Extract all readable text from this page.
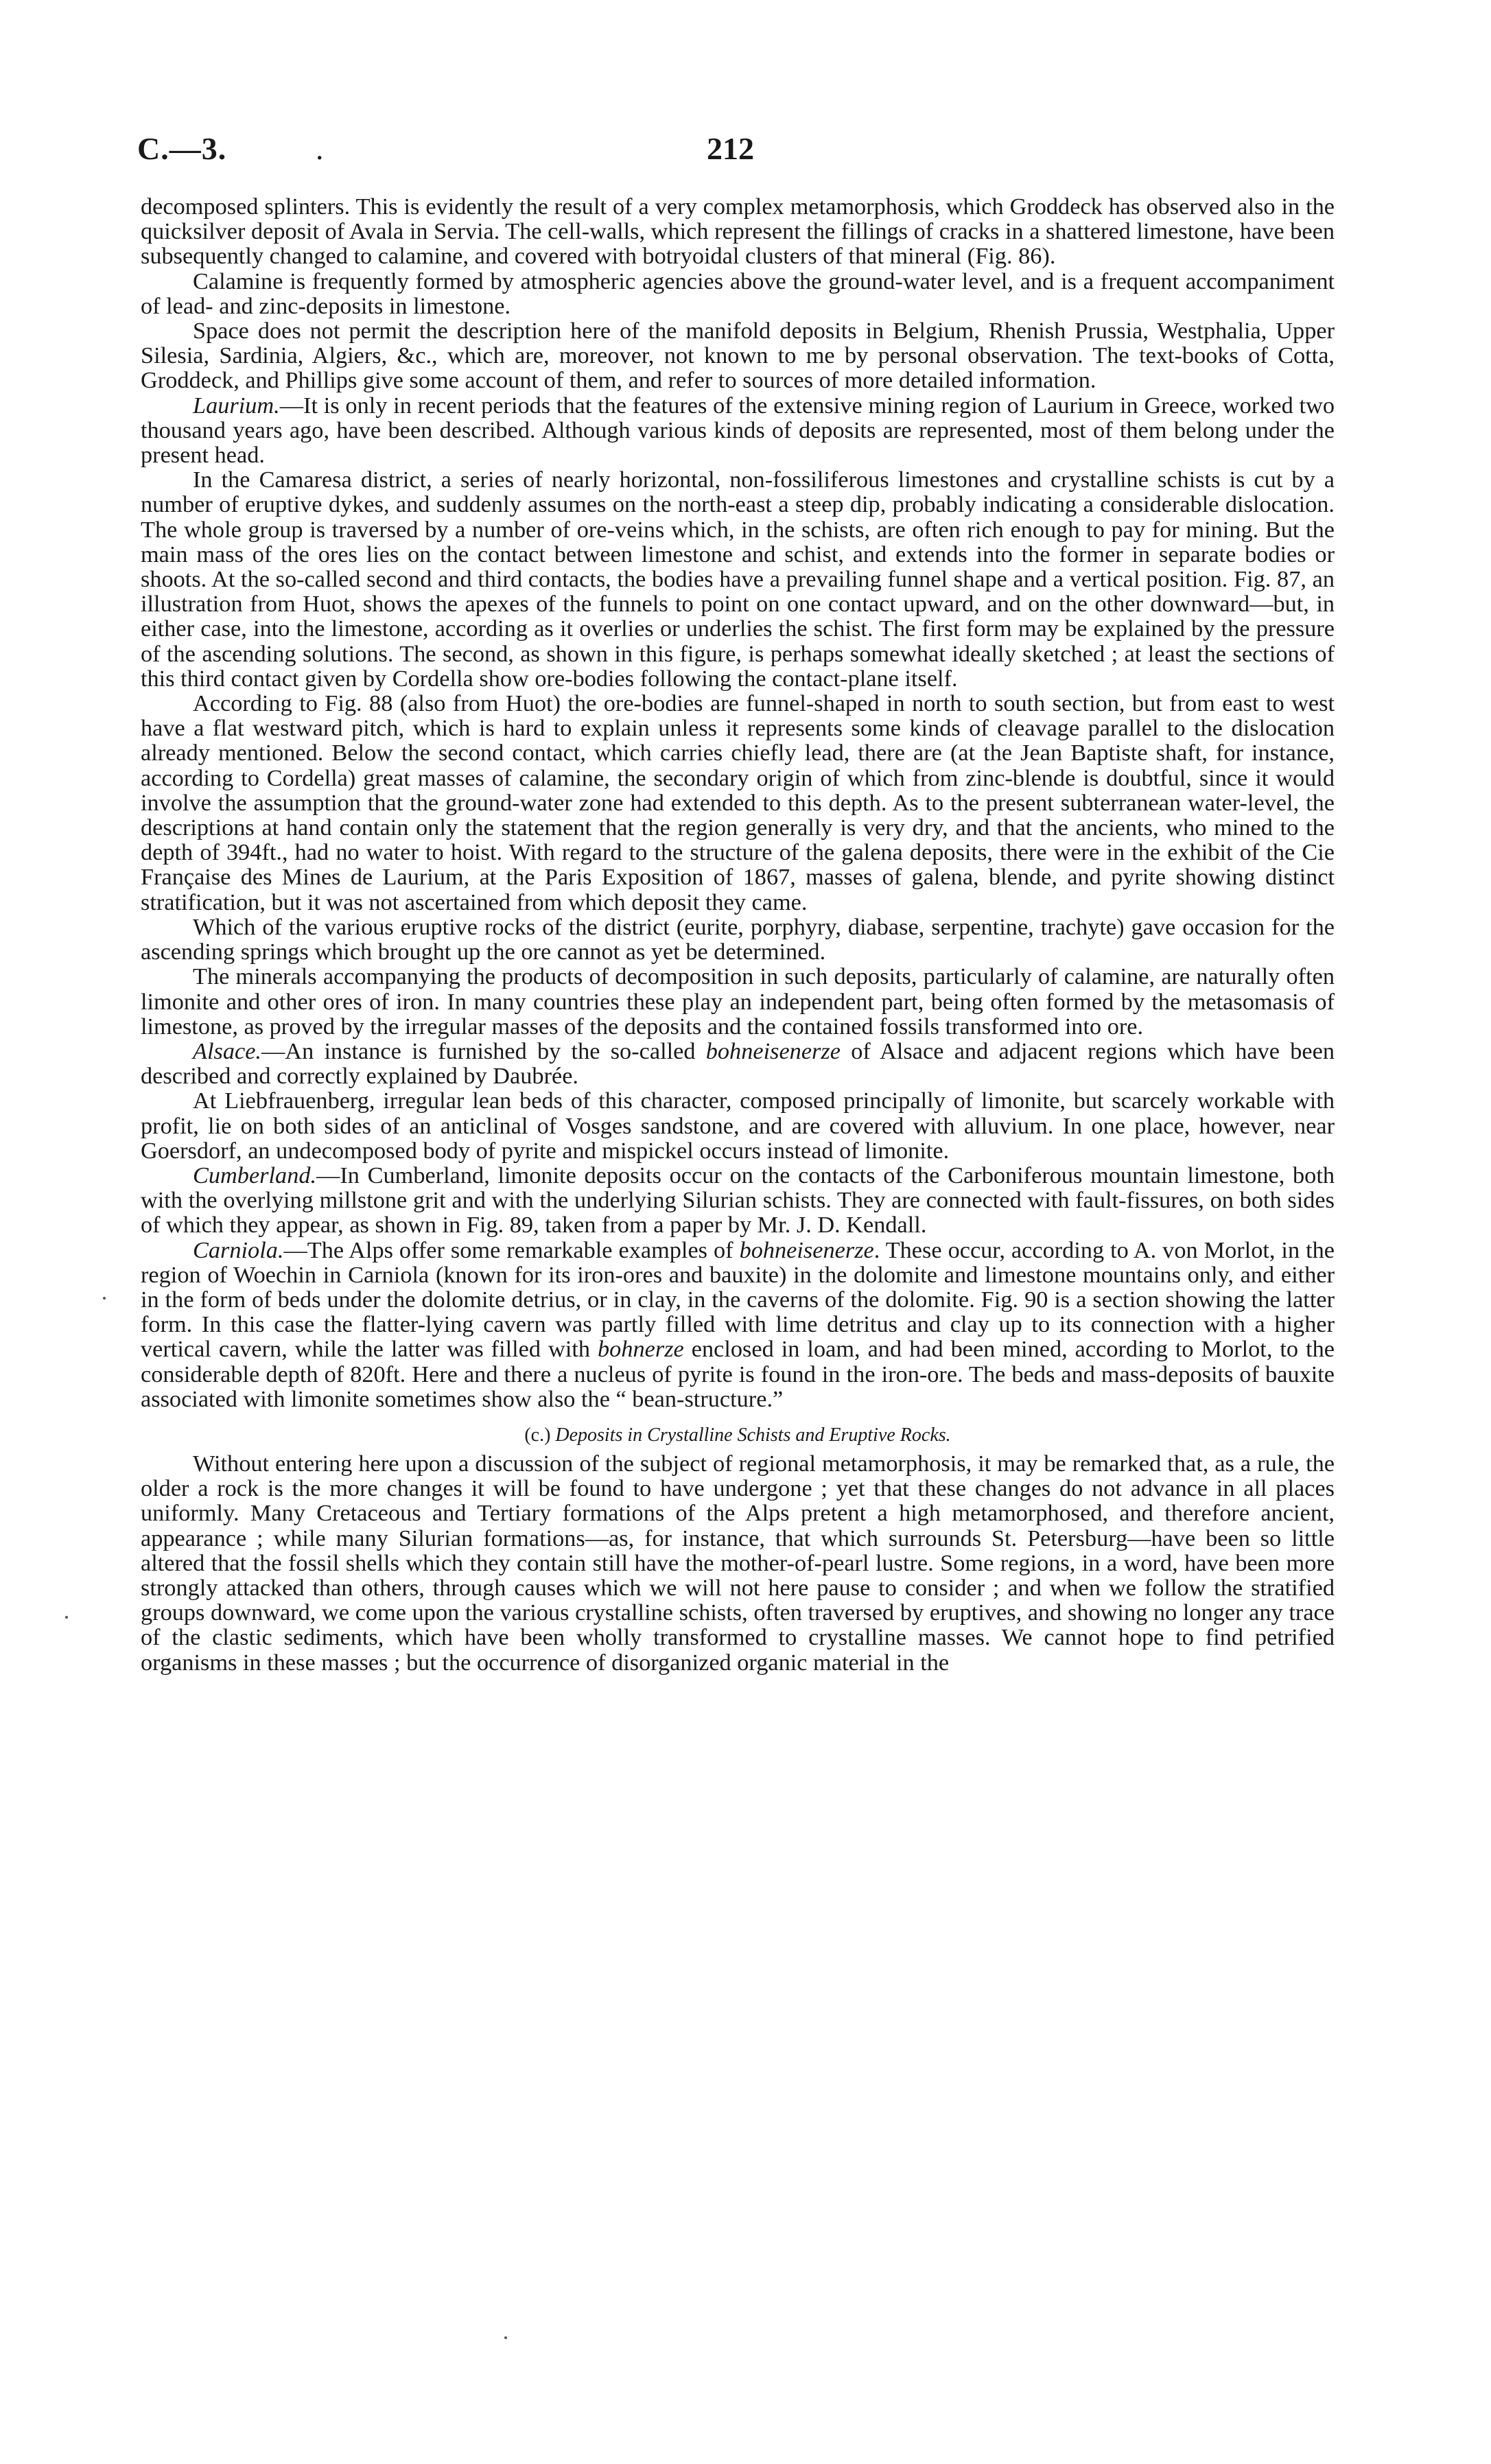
C.—3.	.	212

decomposed splinters. This is evidently the result of a very complex metamorphosis, which Groddeck has observed also in the quicksilver deposit of Avala in Servia. The cell-walls, which represent the fillings of cracks in a shattered limestone, have been subsequently changed to calamine, and covered with botryoidal clusters of that mineral (Fig. 86).

Calamine is frequently formed by atmospheric agencies above the ground-water level, and is a frequent accompaniment of lead- and zinc-deposits in limestone.

Space does not permit the description here of the manifold deposits in Belgium, Rhenish Prussia, Westphalia, Upper Silesia, Sardinia, Algiers, &c., which are, moreover, not known to me by personal observation. The text-books of Cotta, Groddeck, and Phillips give some account of them, and refer to sources of more detailed information.

Laurium.—It is only in recent periods that the features of the extensive mining region of Laurium in Greece, worked two thousand years ago, have been described. Although various kinds of deposits are represented, most of them belong under the present head.

In the Camaresa district, a series of nearly horizontal, non-fossiliferous limestones and crystalline schists is cut by a number of eruptive dykes, and suddenly assumes on the north-east a steep dip, probably indicating a considerable dislocation. The whole group is traversed by a number of ore-veins which, in the schists, are often rich enough to pay for mining. But the main mass of the ores lies on the contact between limestone and schist, and extends into the former in separate bodies or shoots. At the so-called second and third contacts, the bodies have a prevailing funnel shape and a vertical position. Fig. 87, an illustration from Huot, shows the apexes of the funnels to point on one contact upward, and on the other downward—but, in either case, into the limestone, according as it overlies or underlies the schist. The first form may be explained by the pressure of the ascending solutions. The second, as shown in this figure, is perhaps somewhat ideally sketched ; at least the sections of this third contact given by Cordella show ore-bodies following the contact-plane itself.

According to Fig. 88 (also from Huot) the ore-bodies are funnel-shaped in north to south section, but from east to west have a flat westward pitch, which is hard to explain unless it represents some kinds of cleavage parallel to the dislocation already mentioned. Below the second contact, which carries chiefly lead, there are (at the Jean Baptiste shaft, for instance, according to Cordella) great masses of calamine, the secondary origin of which from zinc-blende is doubtful, since it would involve the assumption that the ground-water zone had extended to this depth. As to the present subterranean water-level, the descriptions at hand contain only the statement that the region generally is very dry, and that the ancients, who mined to the depth of 394ft., had no water to hoist. With regard to the structure of the galena deposits, there were in the exhibit of the Cie Française des Mines de Laurium, at the Paris Exposition of 1867, masses of galena, blende, and pyrite showing distinct stratification, but it was not ascertained from which deposit they came.

Which of the various eruptive rocks of the district (eurite, porphyry, diabase, serpentine, trachyte) gave occasion for the ascending springs which brought up the ore cannot as yet be determined.

The minerals accompanying the products of decomposition in such deposits, particularly of calamine, are naturally often limonite and other ores of iron. In many countries these play an independent part, being often formed by the metasomasis of limestone, as proved by the irregular masses of the deposits and the contained fossils transformed into ore.

Alsace.—An instance is furnished by the so-called bohneisenerze of Alsace and adjacent regions which have been described and correctly explained by Daubrée.

At Liebfrauenberg, irregular lean beds of this character, composed principally of limonite, but scarcely workable with profit, lie on both sides of an anticlinal of Vosges sandstone, and are covered with alluvium. In one place, however, near Goersdorf, an undecomposed body of pyrite and mispickel occurs instead of limonite.

Cumberland.—In Cumberland, limonite deposits occur on the contacts of the Carboniferous mountain limestone, both with the overlying millstone grit and with the underlying Silurian schists. They are connected with fault-fissures, on both sides of which they appear, as shown in Fig. 89, taken from a paper by Mr. J. D. Kendall.

Carniola.—The Alps offer some remarkable examples of bohneisenerze. These occur, according to A. von Morlot, in the region of Woechin in Carniola (known for its iron-ores and bauxite) in the dolomite and limestone mountains only, and either in the form of beds under the dolomite detrius, or in clay, in the caverns of the dolomite. Fig. 90 is a section showing the latter form. In this case the flatter-lying cavern was partly filled with lime detritus and clay up to its connection with a higher vertical cavern, while the latter was filled with bohnerze enclosed in loam, and had been mined, according to Morlot, to the considerable depth of 820ft. Here and there a nucleus of pyrite is found in the iron-ore. The beds and mass-deposits of bauxite associated with limonite sometimes show also the “ bean-structure.”

(c.) Deposits in Crystalline Schists and Eruptive Rocks.

Without entering here upon a discussion of the subject of regional metamorphosis, it may be remarked that, as a rule, the older a rock is the more changes it will be found to have undergone ; yet that these changes do not advance in all places uniformly. Many Cretaceous and Tertiary formations of the Alps pretent a high metamorphosed, and therefore ancient, appearance ; while many Silurian formations—as, for instance, that which surrounds St. Petersburg—have been so little altered that the fossil shells which they contain still have the mother-of-pearl lustre. Some regions, in a word, have been more strongly attacked than others, through causes which we will not here pause to consider ; and when we follow the stratified groups downward, we come upon the various crystalline schists, often traversed by eruptives, and showing no longer any trace of the clastic sediments, which have been wholly transformed to crystalline masses. We cannot hope to find petrified organisms in these masses ; but the occurrence of disorganized organic material in the
